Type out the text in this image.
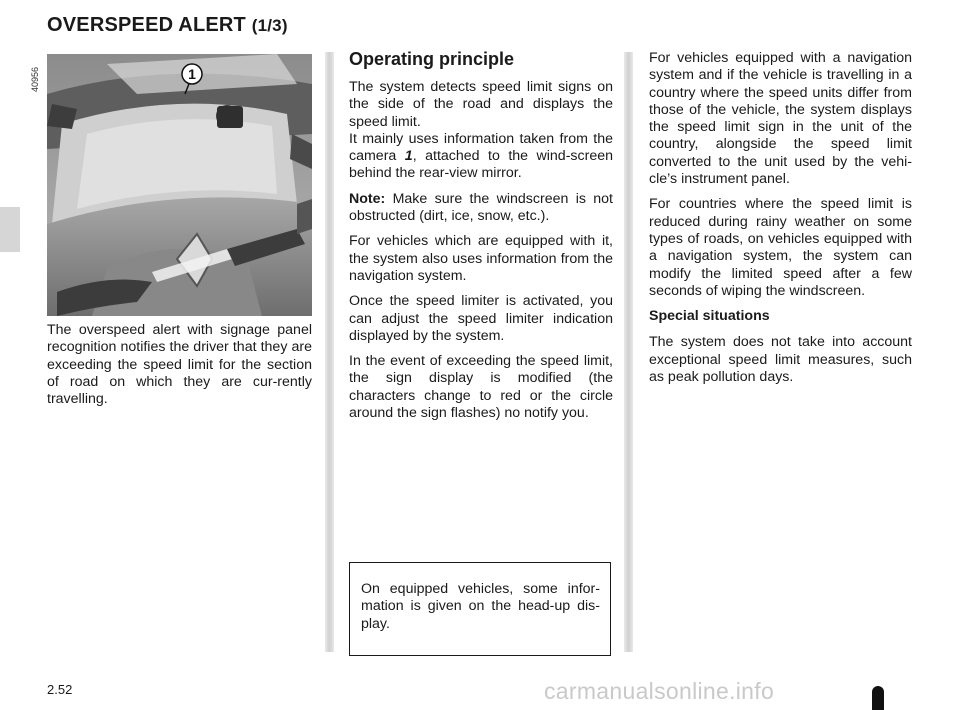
OVERSPEED ALERT (1/3)
40956	1
The overspeed alert with signage panel recognition notifies the driver that they are exceeding the speed limit for the section of road on which they are cur-rently travelling.
Operating principle

The system detects speed limit signs on the side of the road and displays the speed limit.
It mainly uses information taken from the camera 1, attached to the wind-screen behind the rear-view mirror.

Note: Make sure the windscreen is not obstructed (dirt, ice, snow, etc.).

For vehicles which are equipped with it, the system also uses information from the navigation system.

Once the speed limiter is activated, you can adjust the speed limiter indication displayed by the system.

In the event of exceeding the speed limit, the sign display is modified (the characters change to red or the circle around the sign flashes) no notify you.

On equipped vehicles, some infor-mation is given on the head-up dis-play.

For vehicles equipped with a navigation system and if the vehicle is travelling in a country where the speed units differ from those of the vehicle, the system displays the speed limit sign in the unit of the country, alongside the speed limit converted to the unit used by the vehi-cle’s instrument panel.

For countries where the speed limit is reduced during rainy weather on some types of roads, on vehicles equipped with a navigation system, the system can modify the limited speed after a few seconds of wiping the windscreen.

Special situations

The system does not take into account exceptional speed limit measures, such as peak pollution days.

2.52	carmanualsonline.info
